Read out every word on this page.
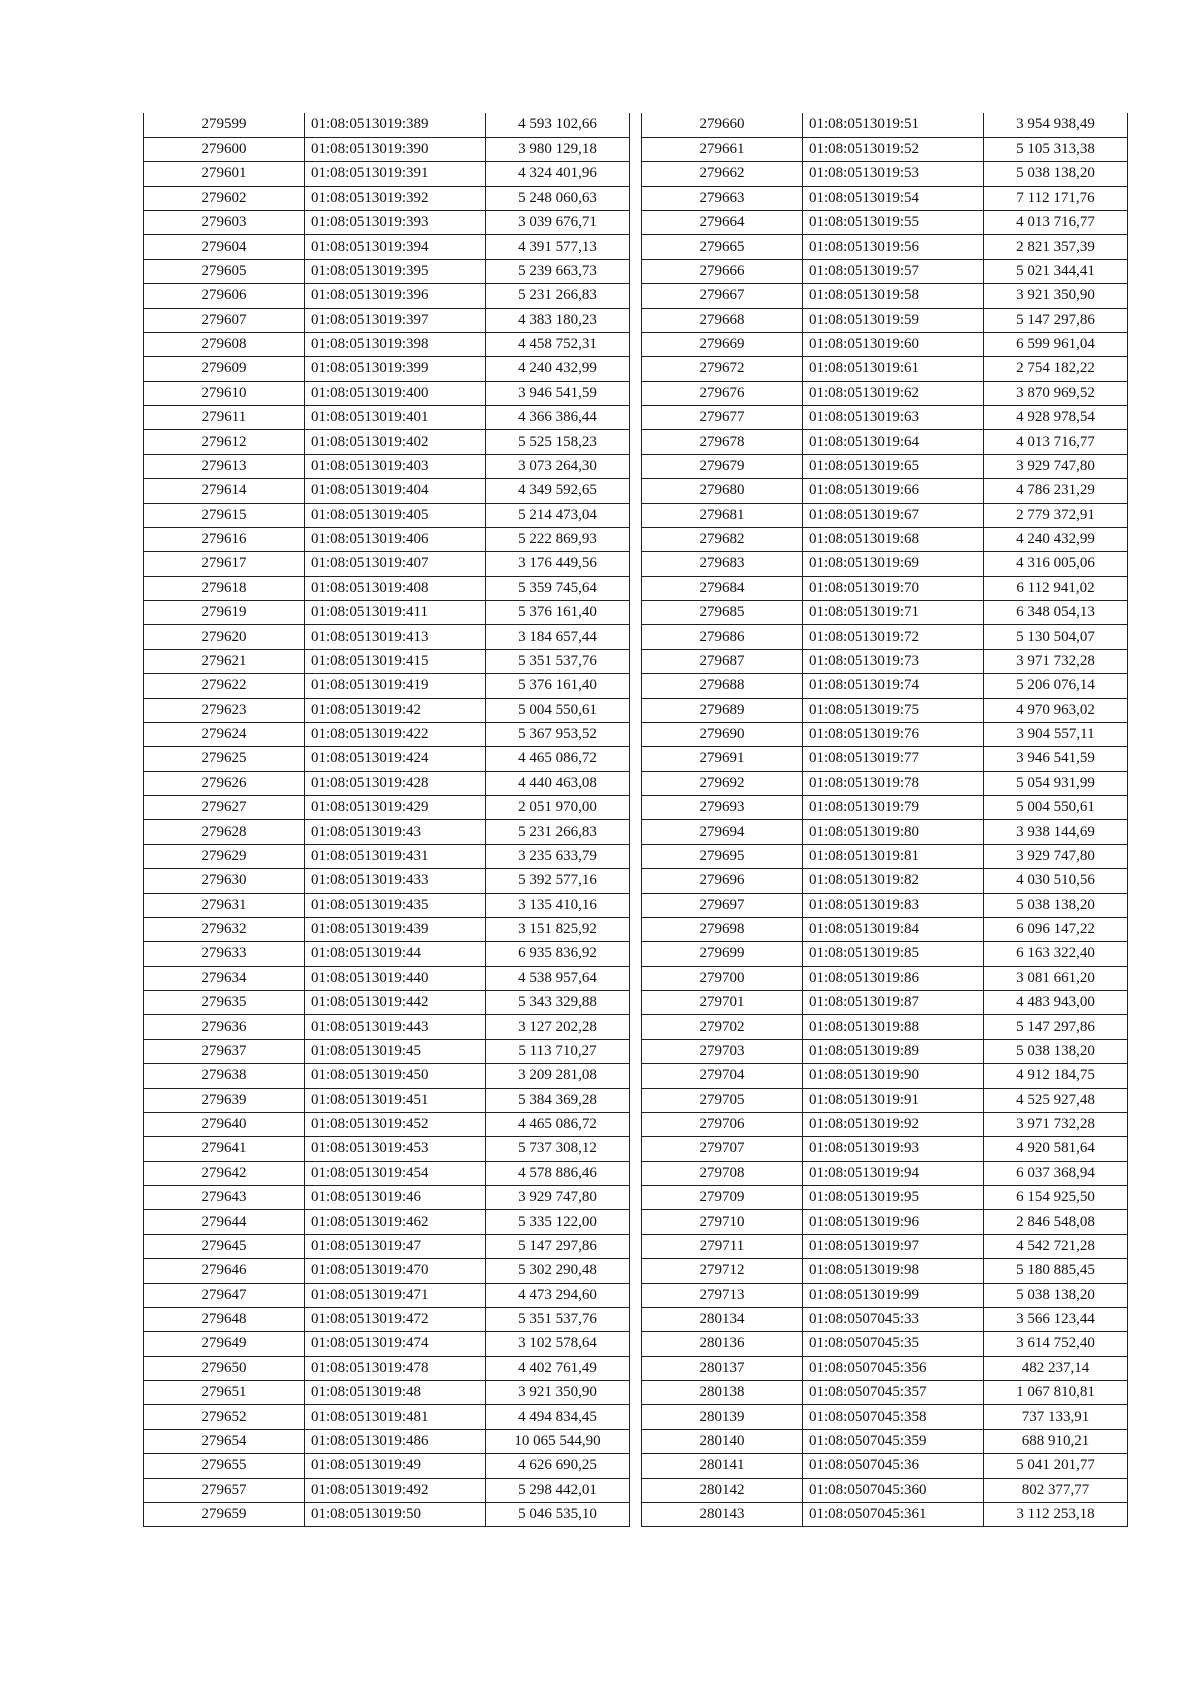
279599	01:08:0513019:389	4 593 102,66
279600	01:08:0513019:390	3 980 129,18
279601	01:08:0513019:391	4 324 401,96
279602	01:08:0513019:392	5 248 060,63
279603	01:08:0513019:393	3 039 676,71
279604	01:08:0513019:394	4 391 577,13
279605	01:08:0513019:395	5 239 663,73
279606	01:08:0513019:396	5 231 266,83
279607	01:08:0513019:397	4 383 180,23
279608	01:08:0513019:398	4 458 752,31
279609	01:08:0513019:399	4 240 432,99
279610	01:08:0513019:400	3 946 541,59
279611	01:08:0513019:401	4 366 386,44
279612	01:08:0513019:402	5 525 158,23
279613	01:08:0513019:403	3 073 264,30
279614	01:08:0513019:404	4 349 592,65
279615	01:08:0513019:405	5 214 473,04
279616	01:08:0513019:406	5 222 869,93
279617	01:08:0513019:407	3 176 449,56
279618	01:08:0513019:408	5 359 745,64
279619	01:08:0513019:411	5 376 161,40
279620	01:08:0513019:413	3 184 657,44
279621	01:08:0513019:415	5 351 537,76
279622	01:08:0513019:419	5 376 161,40
279623	01:08:0513019:42	5 004 550,61
279624	01:08:0513019:422	5 367 953,52
279625	01:08:0513019:424	4 465 086,72
279626	01:08:0513019:428	4 440 463,08
279627	01:08:0513019:429	2 051 970,00
279628	01:08:0513019:43	5 231 266,83
279629	01:08:0513019:431	3 235 633,79
279630	01:08:0513019:433	5 392 577,16
279631	01:08:0513019:435	3 135 410,16
279632	01:08:0513019:439	3 151 825,92
279633	01:08:0513019:44	6 935 836,92
279634	01:08:0513019:440	4 538 957,64
279635	01:08:0513019:442	5 343 329,88
279636	01:08:0513019:443	3 127 202,28
279637	01:08:0513019:45	5 113 710,27
279638	01:08:0513019:450	3 209 281,08
279639	01:08:0513019:451	5 384 369,28
279640	01:08:0513019:452	4 465 086,72
279641	01:08:0513019:453	5 737 308,12
279642	01:08:0513019:454	4 578 886,46
279643	01:08:0513019:46	3 929 747,80
279644	01:08:0513019:462	5 335 122,00
279645	01:08:0513019:47	5 147 297,86
279646	01:08:0513019:470	5 302 290,48
279647	01:08:0513019:471	4 473 294,60
279648	01:08:0513019:472	5 351 537,76
279649	01:08:0513019:474	3 102 578,64
279650	01:08:0513019:478	4 402 761,49
279651	01:08:0513019:48	3 921 350,90
279652	01:08:0513019:481	4 494 834,45
279654	01:08:0513019:486	10 065 544,90
279655	01:08:0513019:49	4 626 690,25
279657	01:08:0513019:492	5 298 442,01
279659	01:08:0513019:50	5 046 535,10
279660	01:08:0513019:51	3 954 938,49
279661	01:08:0513019:52	5 105 313,38
279662	01:08:0513019:53	5 038 138,20
279663	01:08:0513019:54	7 112 171,76
279664	01:08:0513019:55	4 013 716,77
279665	01:08:0513019:56	2 821 357,39
279666	01:08:0513019:57	5 021 344,41
279667	01:08:0513019:58	3 921 350,90
279668	01:08:0513019:59	5 147 297,86
279669	01:08:0513019:60	6 599 961,04
279672	01:08:0513019:61	2 754 182,22
279676	01:08:0513019:62	3 870 969,52
279677	01:08:0513019:63	4 928 978,54
279678	01:08:0513019:64	4 013 716,77
279679	01:08:0513019:65	3 929 747,80
279680	01:08:0513019:66	4 786 231,29
279681	01:08:0513019:67	2 779 372,91
279682	01:08:0513019:68	4 240 432,99
279683	01:08:0513019:69	4 316 005,06
279684	01:08:0513019:70	6 112 941,02
279685	01:08:0513019:71	6 348 054,13
279686	01:08:0513019:72	5 130 504,07
279687	01:08:0513019:73	3 971 732,28
279688	01:08:0513019:74	5 206 076,14
279689	01:08:0513019:75	4 970 963,02
279690	01:08:0513019:76	3 904 557,11
279691	01:08:0513019:77	3 946 541,59
279692	01:08:0513019:78	5 054 931,99
279693	01:08:0513019:79	5 004 550,61
279694	01:08:0513019:80	3 938 144,69
279695	01:08:0513019:81	3 929 747,80
279696	01:08:0513019:82	4 030 510,56
279697	01:08:0513019:83	5 038 138,20
279698	01:08:0513019:84	6 096 147,22
279699	01:08:0513019:85	6 163 322,40
279700	01:08:0513019:86	3 081 661,20
279701	01:08:0513019:87	4 483 943,00
279702	01:08:0513019:88	5 147 297,86
279703	01:08:0513019:89	5 038 138,20
279704	01:08:0513019:90	4 912 184,75
279705	01:08:0513019:91	4 525 927,48
279706	01:08:0513019:92	3 971 732,28
279707	01:08:0513019:93	4 920 581,64
279708	01:08:0513019:94	6 037 368,94
279709	01:08:0513019:95	6 154 925,50
279710	01:08:0513019:96	2 846 548,08
279711	01:08:0513019:97	4 542 721,28
279712	01:08:0513019:98	5 180 885,45
279713	01:08:0513019:99	5 038 138,20
280134	01:08:0507045:33	3 566 123,44
280136	01:08:0507045:35	3 614 752,40
280137	01:08:0507045:356	482 237,14
280138	01:08:0507045:357	1 067 810,81
280139	01:08:0507045:358	737 133,91
280140	01:08:0507045:359	688 910,21
280141	01:08:0507045:36	5 041 201,77
280142	01:08:0507045:360	802 377,77
280143	01:08:0507045:361	3 112 253,18
